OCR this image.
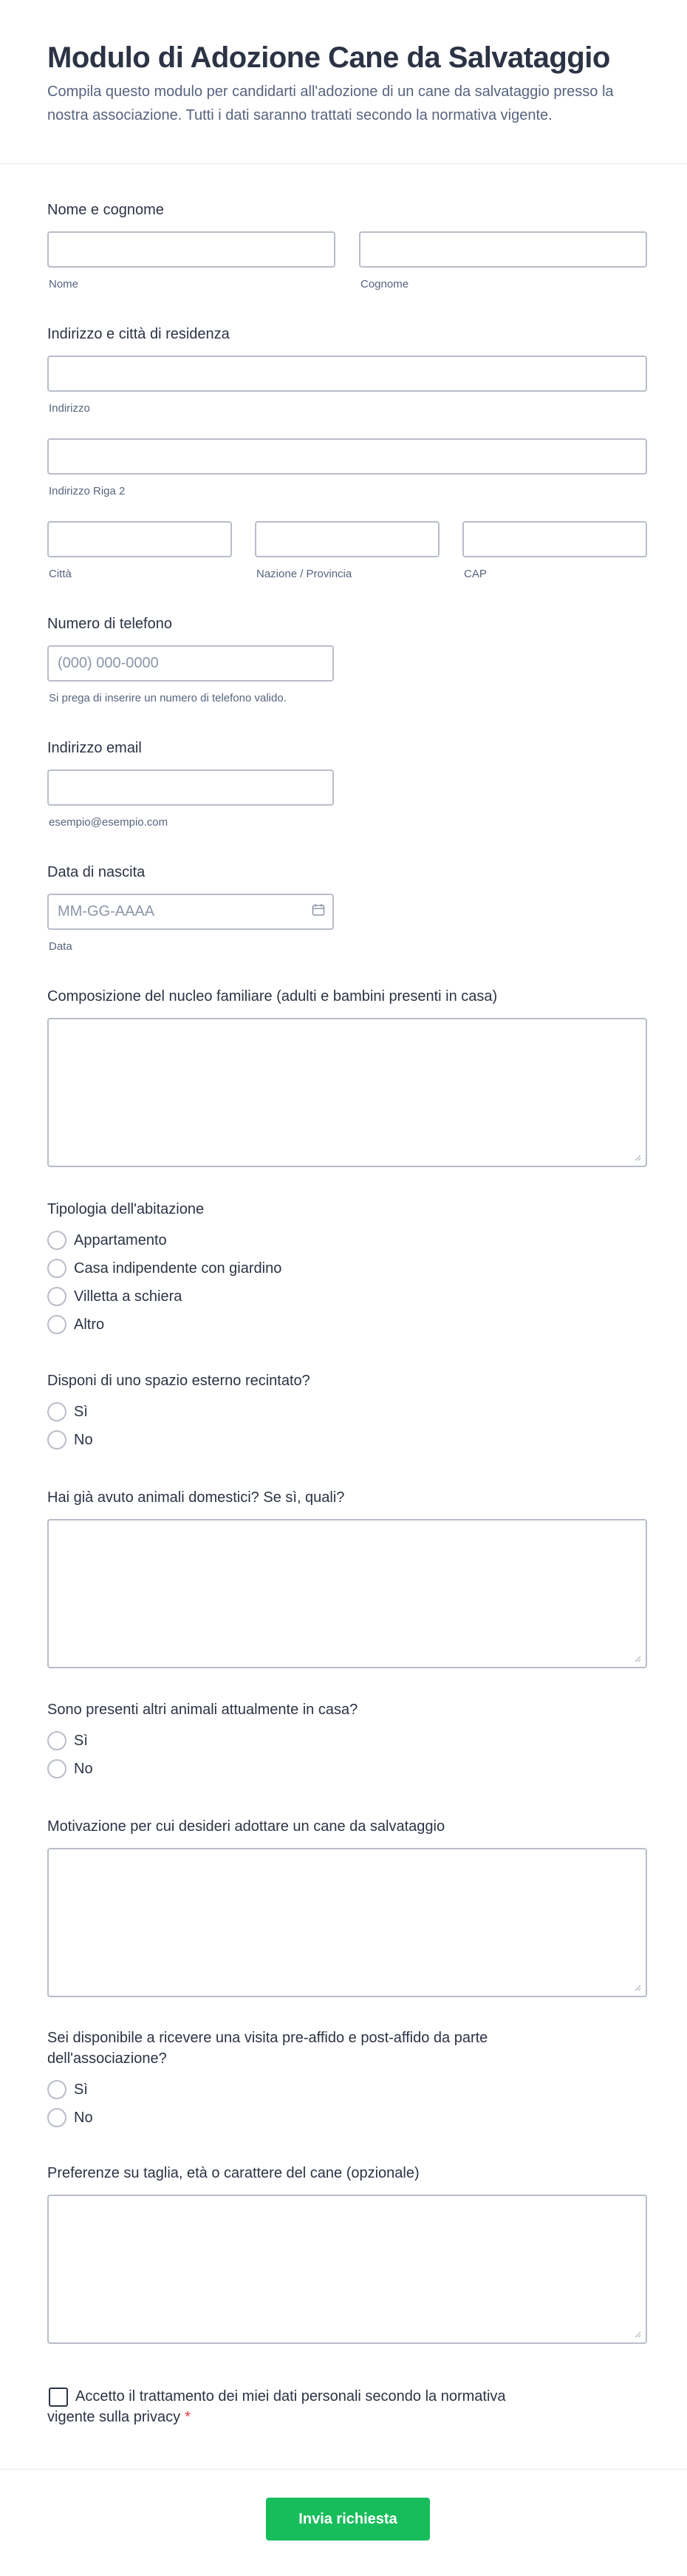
Modulo di Adozione Cane da Salvataggio

Compila questo modulo per candidarti all'adozione di un cane da salvataggio presso la nostra associazione. Tutti i dati saranno trattati secondo la normativa vigente.

Nome e cognome
Nome	Cognome
Indirizzo e città di residenza
Indirizzo
Indirizzo Riga 2
Città	Nazione / Provincia	CAP
Numero di telefono
(000) 000-0000
Si prega di inserire un numero di telefono valido.
Indirizzo email
esempio@esempio.com
Data di nascita
MM-GG-AAAA
Data
Composizione del nucleo familiare (adulti e bambini presenti in casa)
Tipologia dell'abitazione
Appartamento
Casa indipendente con giardino
Villetta a schiera
Altro
Disponi di uno spazio esterno recintato?
Sì
No
Hai già avuto animali domestici? Se sì, quali?
Sono presenti altri animali attualmente in casa?
Sì
No
Motivazione per cui desideri adottare un cane da salvataggio
Sei disponibile a ricevere una visita pre-affido e post-affido da parte dell'associazione?
Sì
No
Preferenze su taglia, età o carattere del cane (opzionale)
Accetto il trattamento dei miei dati personali secondo la normativa vigente sulla privacy *
Invia richiesta
